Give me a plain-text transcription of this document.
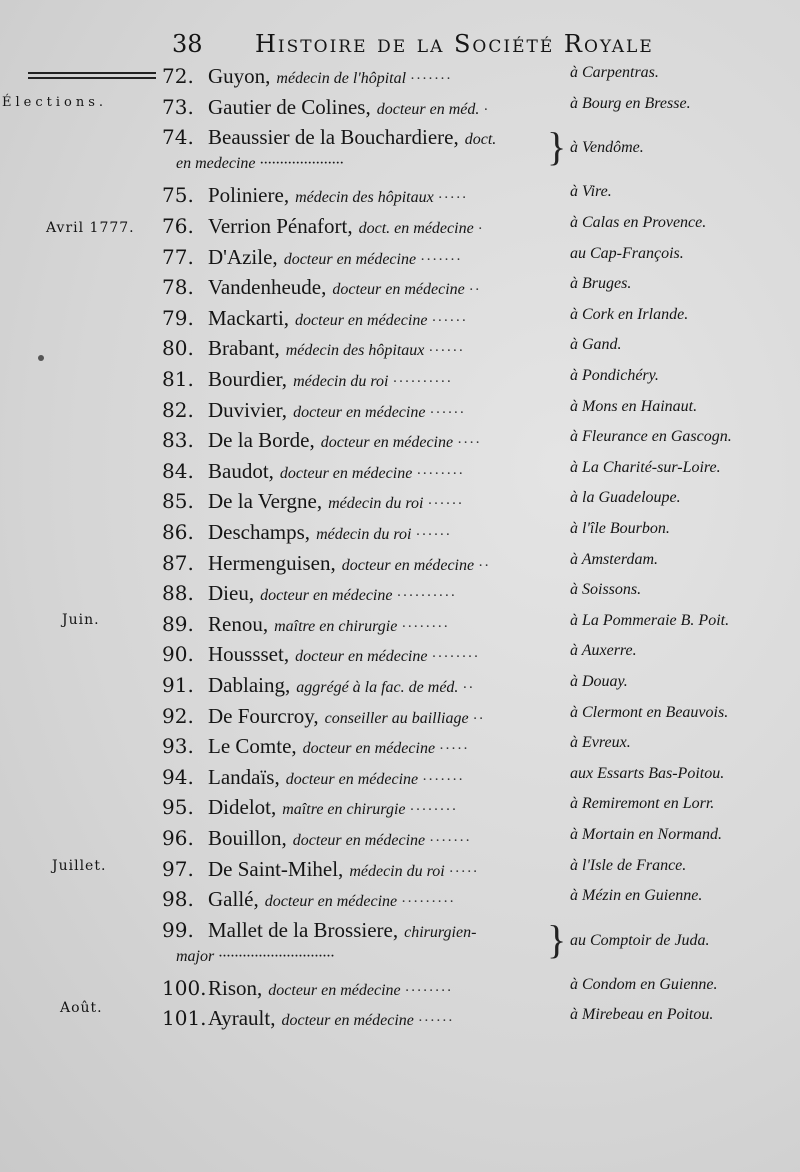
38 Histoire de la Société Royale
Élections.
Avril 1777.
Juin.
Juillet.
Août.
72. Guyon, médecin de l'hôpital ·······	à Carpentras.
73. Gautier de Colines, docteur en méd. ·	à Bourg en Bresse.
74. Beaussier de la Bouchardiere, doct.	à Vendôme.
en medecine ·····················	}
75. Poliniere, médecin des hôpitaux ·····	à Vire.
76. Verrion Pénafort, doct. en médecine ·	à Calas en Provence.
77. D'Azile, docteur en médecine ·······	au Cap-François.
78. Vandenheude, docteur en médecine ··	à Bruges.
79. Mackarti, docteur en médecine ······	à Cork en Irlande.
80. Brabant, médecin des hôpitaux ······	à Gand.
81. Bourdier, médecin du roi ··········	à Pondichéry.
82. Duvivier, docteur en médecine ······	à Mons en Hainaut.
83. De la Borde, docteur en médecine ····	à Fleurance en Gascogn.
84. Baudot, docteur en médecine ········	à La Charité-sur-Loire.
85. De la Vergne, médecin du roi ······	à la Guadeloupe.
86. Deschamps, médecin du roi ······	à l'île Bourbon.
87. Hermenguisen, docteur en médecine ··	à Amsterdam.
88. Dieu, docteur en médecine ··········	à Soissons.
89. Renou, maître en chirurgie ········	à La Pommeraie B. Poit.
90. Houssset, docteur en médecine ········	à Auxerre.
91. Dablaing, aggrégé à la fac. de méd. ··	à Douay.
92. De Fourcroy, conseiller au bailliage ··	à Clermont en Beauvois.
93. Le Comte, docteur en médecine ·····	à Evreux.
94. Landaïs, docteur en médecine ·······	aux Essarts Bas-Poitou.
95. Didelot, maître en chirurgie ········	à Remiremont en Lorr.
96. Bouillon, docteur en médecine ·······	à Mortain en Normand.
97. De Saint-Mihel, médecin du roi ·····	à l'Isle de France.
98. Gallé, docteur en médecine ·········	à Mézin en Guienne.
99. Mallet de la Brossiere, chirurgien-	au Comptoir de Juda.
major ·····························	}
100. Rison, docteur en médecine ········	à Condom en Guienne.
101. Ayrault, docteur en médecine ······	à Mirebeau en Poitou.
